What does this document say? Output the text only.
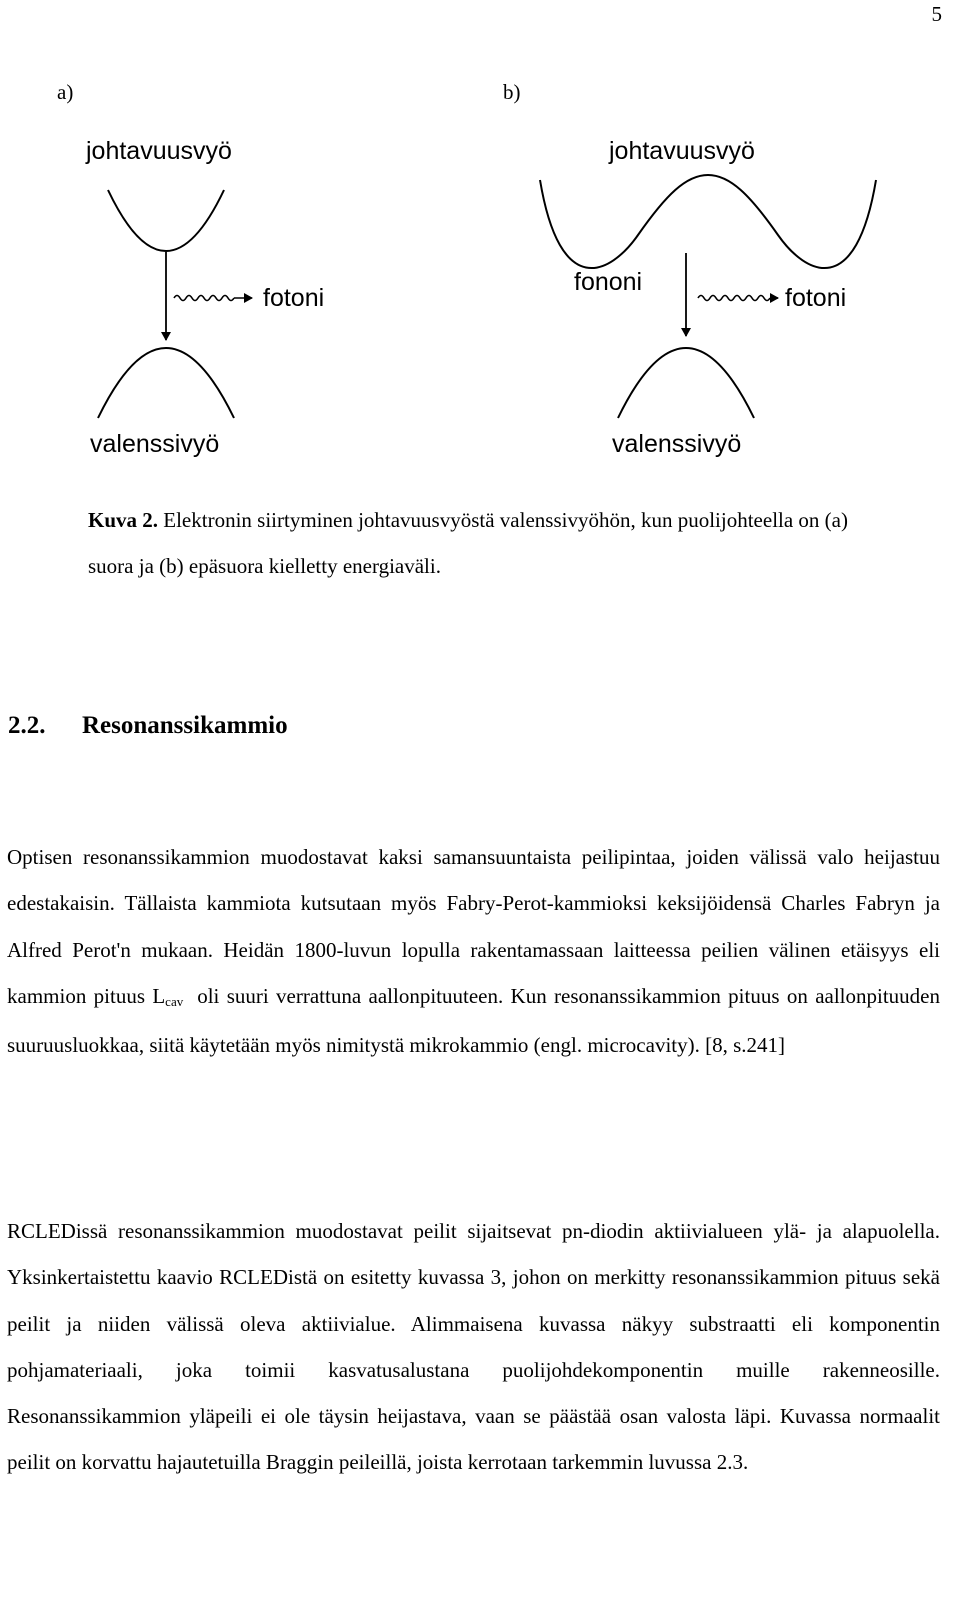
5
a)	b)
johtavuusvyö
fotoni
valenssivyö
johtavuusvyö
fononi
fotoni
valenssivyö
Kuva 2. Elektronin siirtyminen johtavuusvyöstä valenssivyöhön, kun puolijohteella on (a) suora ja (b) epäsuora kielletty energiaväli.
2.2. Resonanssikammio
Optisen resonanssikammion muodostavat kaksi samansuuntaista peilipintaa, joiden välissä valo heijastuu edestakaisin. Tällaista kammiota kutsutaan myös Fabry-Perot-kammioksi keksijöidensä Charles Fabryn ja Alfred Perot'n mukaan. Heidän 1800-luvun lopulla rakentamassaan laitteessa peilien välinen etäisyys eli kammion pituus Lcav oli suuri verrattuna aallonpituuteen. Kun resonanssikammion pituus on aallonpituuden suuruusluokkaa, siitä käytetään myös nimitystä mikrokammio (engl. microcavity). [8, s.241]
RCLEDissä resonanssikammion muodostavat peilit sijaitsevat pn-diodin aktiivialueen ylä- ja alapuolella. Yksinkertaistettu kaavio RCLEDistä on esitetty kuvassa 3, johon on merkitty resonanssikammion pituus sekä peilit ja niiden välissä oleva aktiivialue. Alimmaisena kuvassa näkyy substraatti eli komponentin pohjamateriaali, joka toimii kasvatusalustana puolijohdekomponentin muille rakenneosille. Resonanssikammion yläpeili ei ole täysin heijastava, vaan se päästää osan valosta läpi. Kuvassa normaalit peilit on korvattu hajautetuilla Braggin peileillä, joista kerrotaan tarkemmin luvussa 2.3.
